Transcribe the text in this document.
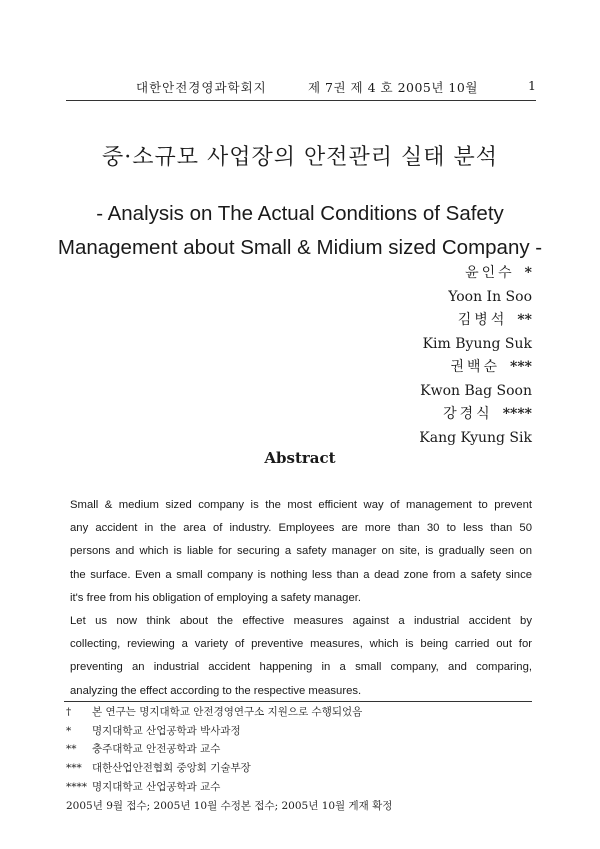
대한안전경영과학회지	제 7권 제 4 호 2005년 10월	1
중·소규모 사업장의 안전관리 실태 분석
- Analysis on The Actual Conditions of Safety
Management about Small & Midium sized Company -
윤인수 *
Yoon In Soo
김병석 **
Kim Byung Suk
권백순 ***
Kwon Bag Soon
강경식 ****
Kang Kyung Sik
Abstract

Small & medium sized company is the most efficient way of management to prevent

any accident in the area of industry. Employees are more than 30 to less than 50

persons and which is liable for securing a safety manager on site, is gradually seen on

the surface. Even a small company is nothing less than a dead zone from a safety since

it's free from his obligation of employing a safety manager.

Let us now think about the effective measures against a industrial accident by

collecting, reviewing a variety of preventive measures, which is being carried out for

preventing an industrial accident happening in a small company, and comparing,

analyzing the effect according to the respective measures.

† 본 연구는 명지대학교 안전경영연구소 지원으로 수행되었음
* 명지대학교 산업공학과 박사과정
** 충주대학교 안전공학과 교수
*** 대한산업안전협회 중앙회 기술부장
**** 명지대학교 산업공학과 교수
2005년 9월 접수; 2005년 10월 수정본 접수; 2005년 10월 게재 확정
